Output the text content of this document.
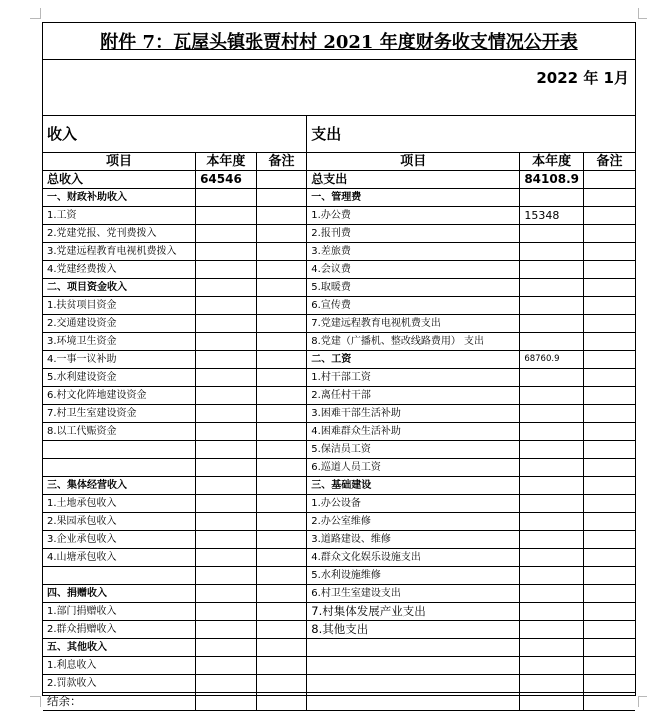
附件 7：瓦屋头镇张贾村村 2021 年度财务收支情况公开表
2022 年 1月
收入			支出		
项目	本年度	备注	项目	本年度	备注
总收入	64546		总支出	84108.9	
一、财政补助收入			一、管理费		
1.工资			1.办公费	15348	
2.党建党报、党刊费拨入			2.报刊费		
3.党建远程教育电视机费拨入			3.差旅费		
4.党建经费拨入			4.会议费		
二、项目资金收入			5.取暖费		
1.扶贫项目资金			6.宣传费		
2.交通建设资金			7.党建远程教育电视机费支出		
3.环境卫生资金			8.党建（广播机、整改线路费用） 支出		
4.一事一议补助			二、工资	68760.9	
5.水利建设资金			1.村干部工资		
6.村文化阵地建设资金			2.离任村干部		
7.村卫生室建设资金			3.困难干部生活补助		
8.以工代赈资金			4.困难群众生活补助		
			5.保洁员工资		
			6.巡道人员工资		
三、集体经营收入			三、基础建设		
1.土地承包收入			1.办公设备		
2.果园承包收入			2.办公室维修		
3.企业承包收入			3.道路建设、维修		
4.山塘承包收入			4.群众文化娱乐设施支出		
			5.水利设施维修		
四、捐赠收入			6.村卫生室建设支出		
1.部门捐赠收入			7.村集体发展产业支出		
2.群众捐赠收入			8.其他支出		
五、其他收入					
1.利息收入					
2.罚款收入					
结余：					
